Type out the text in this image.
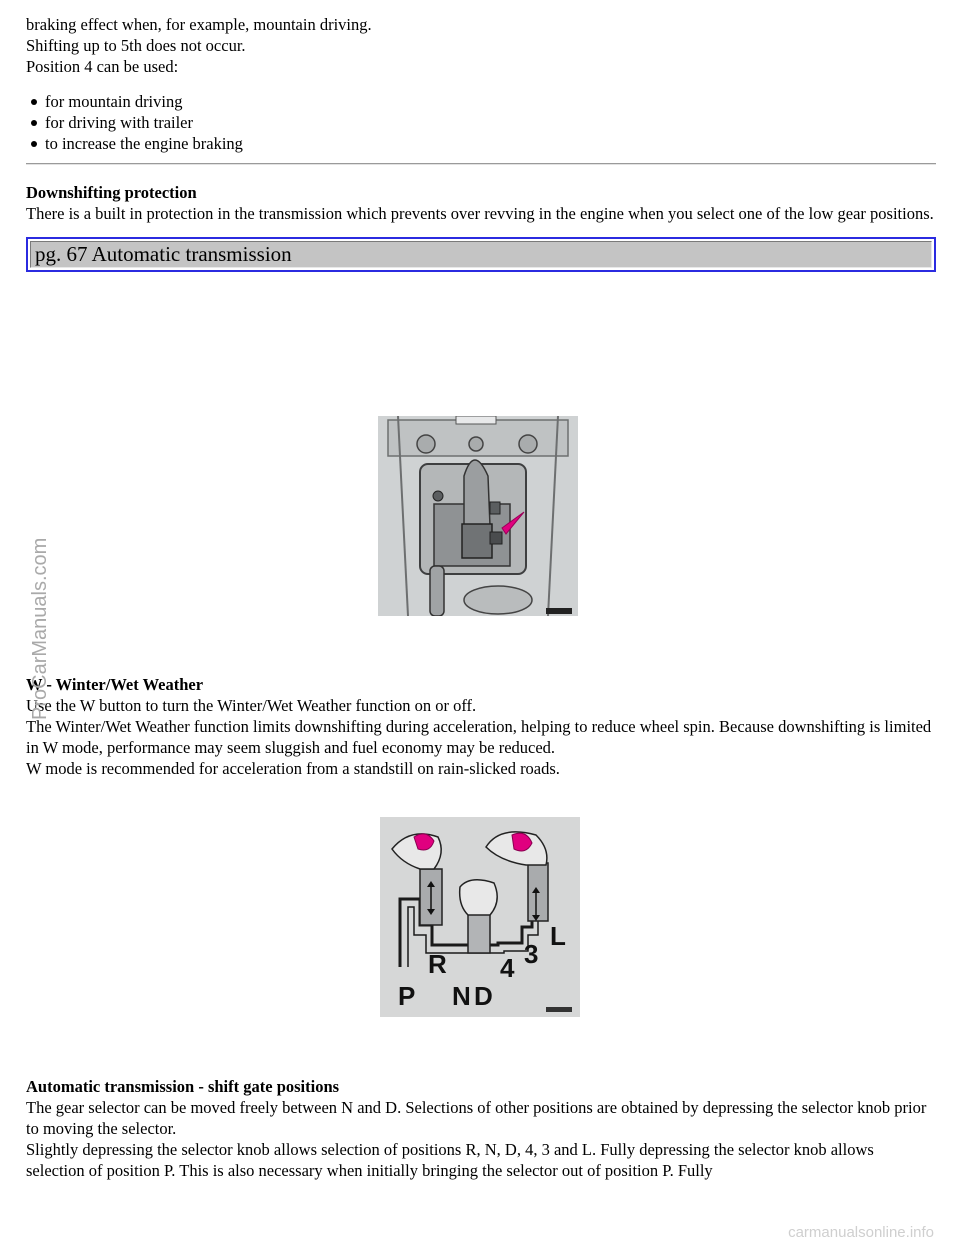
braking effect when, for example, mountain driving.

Shifting up to 5th does not occur.

Position 4 can be used:

for mountain driving
for driving with trailer
to increase the engine braking

Downshifting protection

There is a built in protection in the transmission which prevents over revving in the engine when you select one of the low gear positions.

pg. 67 Automatic transmission

W - Winter/Wet Weather

Use the W button to turn the Winter/Wet Weather function on or off.

The Winter/Wet Weather function limits downshifting during acceleration, helping to reduce wheel spin. Because downshifting is limited in W mode, performance may seem sluggish and fuel economy may be reduced.

W mode is recommended for acceleration from a standstill on rain-slicked roads.

R
P N D
4 3
L

Automatic transmission - shift gate positions

The gear selector can be moved freely between N and D. Selections of other positions are obtained by depressing the selector knob prior to moving the selector.

Slightly depressing the selector knob allows selection of positions R, N, D, 4, 3 and L. Fully depressing the selector knob allows selection of position P. This is also necessary when initially bringing the selector out of position P. Fully

ProCarManuals.com
carmanualsonline.info
